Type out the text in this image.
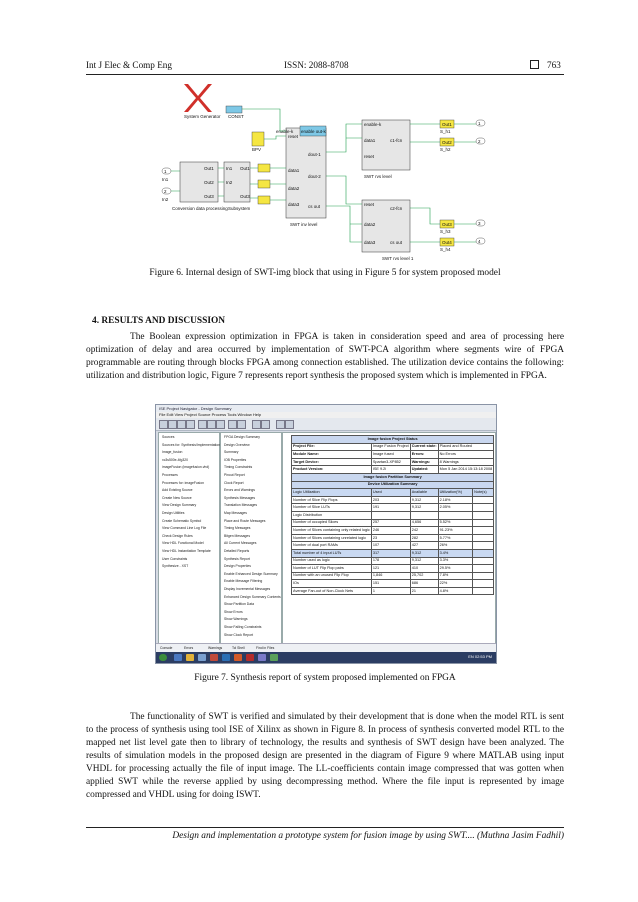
Int J Elec & Comp Eng	ISSN: 2088-8708	763
System Generator CONST
BPV
1
In1
2
In2
Out1
Out2
Out3
Conversion data processing
In1
In2
Out1
Out3
Subsystem
reset
data1
data2
data3
dout-1
dout-2
cs out
SWT inv level
enable out-k
enable-k
enable-k
data1
reset
c1-fcn
SWT rvs level
reset
data2
data3
c2-fcn
cs out
SWT rvs level 1
Out1
Out2
Out3
Out4
S_h1
S_h2
S_h3
S_h4
1
2
3
4
Figure 6. Internal design of SWT-img block that using in Figure 5 for system proposed model
4. RESULTS AND DISCUSSION
The Boolean expression optimization in FPGA is taken in consideration speed and area of processing here optimization of delay and area occurred by implementation of SWT-PCA algorithm where segments wire of FPGA programmable are routing through blocks FPGA among connection established. The utilization device contains the following: utilization and distribution logic, Figure 7 represents report synthesis the proposed system which is implemented in FPGA.
ISE Project Navigator - Design Summary
File Edit View Project Source Process Tools Window Help
Sources
Sources for: Synthesis/Implementation
Image_fusion
xc3s500e-4fg320
imageFusion (imagefusion.vhd)
Processes
Processes for: imageFusion
Add Existing Source
Create New Source
View Design Summary
Design Utilities
Create Schematic Symbol
View Command Line Log File
Check Design Rules
View HDL Functional Model
View HDL Instantiation Template
User Constraints
Synthesize - XST
FPGA Design Summary
Design Overview
Summary
IOB Properties
Timing Constraints
Pinout Report
Clock Report
Errors and Warnings
Synthesis Messages
Translation Messages
Map Messages
Place and Route Messages
Timing Messages
Bitgen Messages
All Current Messages
Detailed Reports
Synthesis Report
Design Properties
Enable Enhanced Design Summary
Enable Message Filtering
Display Incremental Messages
Enhanced Design Summary Contents
Show Partition Data
Show Errors
Show Warnings
Show Failing Constraints
Show Clock Report
Image fusion Project Status				
Project File:	Image Fusion Project	Current state:	Placed and Routed	
Module Name:	Image fused	Errors:	No Errors	
Target Device:	Spartan3-XP852	Warnings:	8 Warnings	
Product Version:	ISE 9.2i	Updated:	Mon 5 Jan 2014 15:13:18 2008	
Image fusion Partition Summary				
Device Utilization Summary				
Logic Utilization	Used	Available	Utilization(%)	Note(s)
Number of Slice Flip Flops	203	9,312	2.18%	
Number of Slice LUTs	191	9,312	2.05%	
Logic Distribution				
Number of occupied Slices	257	4,656	5.52%	
Number of Slices containing only related logic	246	242	91.23%	
Number of Slices containing unrelated logic	23	282	5.77%	
Number of dual port RAMs	107	427	26%	
Total number of 4 input LUTs	317	9,312	3.4%	
Number used as logic	178	9,312	3.3%	
Number of LUT Flip Flop pairs	121	410	29.5%	
Number with an unused Flip Flop	1,846	25,702	7.8%	
IOs	151	686	22%	
Average Fan-out of Non-Clock Nets	1	21	4.8%	
Console	Errors	Warnings	Tcl Shell	Find in Files
EN 02:53 PM
Figure 7. Synthesis report of system proposed implemented on FPGA
The functionality of SWT is verified and simulated by their development that is done when the model RTL is sent to the process of synthesis using tool ISE of Xilinx as shown in Figure 8. In process of synthesis converted model RTL to the mapped net list level gate then to library of technology, the results and synthesis of SWT design have been analyzed. The results of simulation models in the proposed design are presented in the diagram of Figure 9 where MATLAB using input VHDL for processing actually the file of input image. The LL-coefficients contain image compressed that was gotten when applied SWT while the reverse applied by using decompressing method. Where the file input is represented by image compressed and VHDL using for doing ISWT.
Design and implementation a prototype system for fusion image by using SWT.... (Muthna Jasim Fadhil)
